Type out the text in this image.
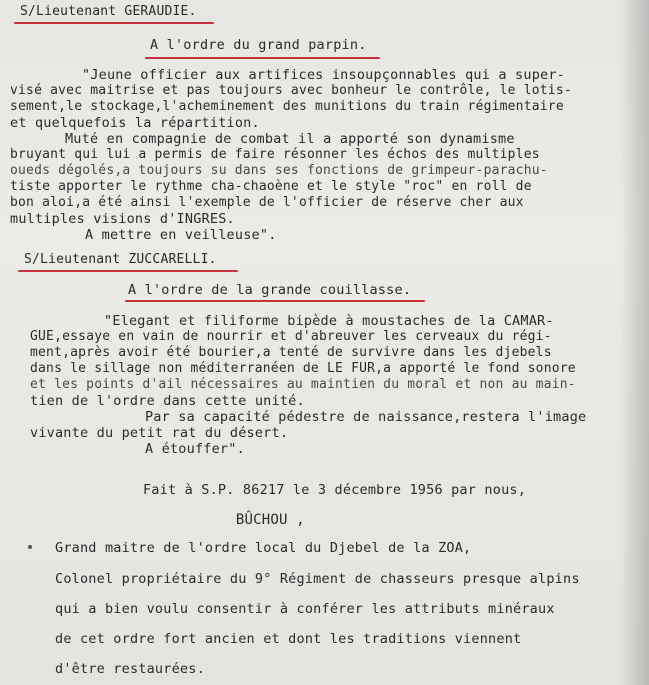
S/Lieutenant GERAUDIE.
A l'ordre du grand parpin.
"Jeune officier aux artifices insoupçonnables qui a super-
visé avec maitrise et pas toujours avec bonheur le contrôle, le lotis-
sement,le stockage,l'acheminement des munitions du train régimentaire
et quelquefois la répartition.
Muté en compagnie de combat il a apporté son dynamisme
bruyant qui lui a permis de faire résonner les échos des multiples
oueds dégolés,a toujours su dans ses fonctions de grimpeur-parachu-
tiste apporter le rythme cha-chaoène et le style "roc" en roll de
bon aloi,a été ainsi l'exemple de l'officier de réserve cher aux
multiples visions d'INGRES.
A mettre en veilleuse".
S/Lieutenant ZUCCARELLI.
A l'ordre de la grande couillasse.
"Elegant et filiforme bipède à moustaches de la CAMAR-
GUE,essaye en vain de nourrir et d'abreuver les cerveaux du régi-
ment,après avoir été bourier,a tenté de survivre dans les djebels
dans le sillage non méditerranéen de LE FUR,a apporté le fond sonore
et les points d'ail nécessaires au maintien du moral et non au main-
tien de l'ordre dans cette unité.
Par sa capacité pédestre de naissance,restera l'image
vivante du petit rat du désert.
A étouffer".
Fait à S.P. 86217 le 3 décembre 1956 par nous,
BÛCHOU ,
Grand maitre de l'ordre local du Djebel de la ZOA,
Colonel propriétaire du 9° Régiment de chasseurs presque alpins
qui a bien voulu consentir à conférer les attributs minéraux
de cet ordre fort ancien et dont les traditions viennent
d'être restaurées.
